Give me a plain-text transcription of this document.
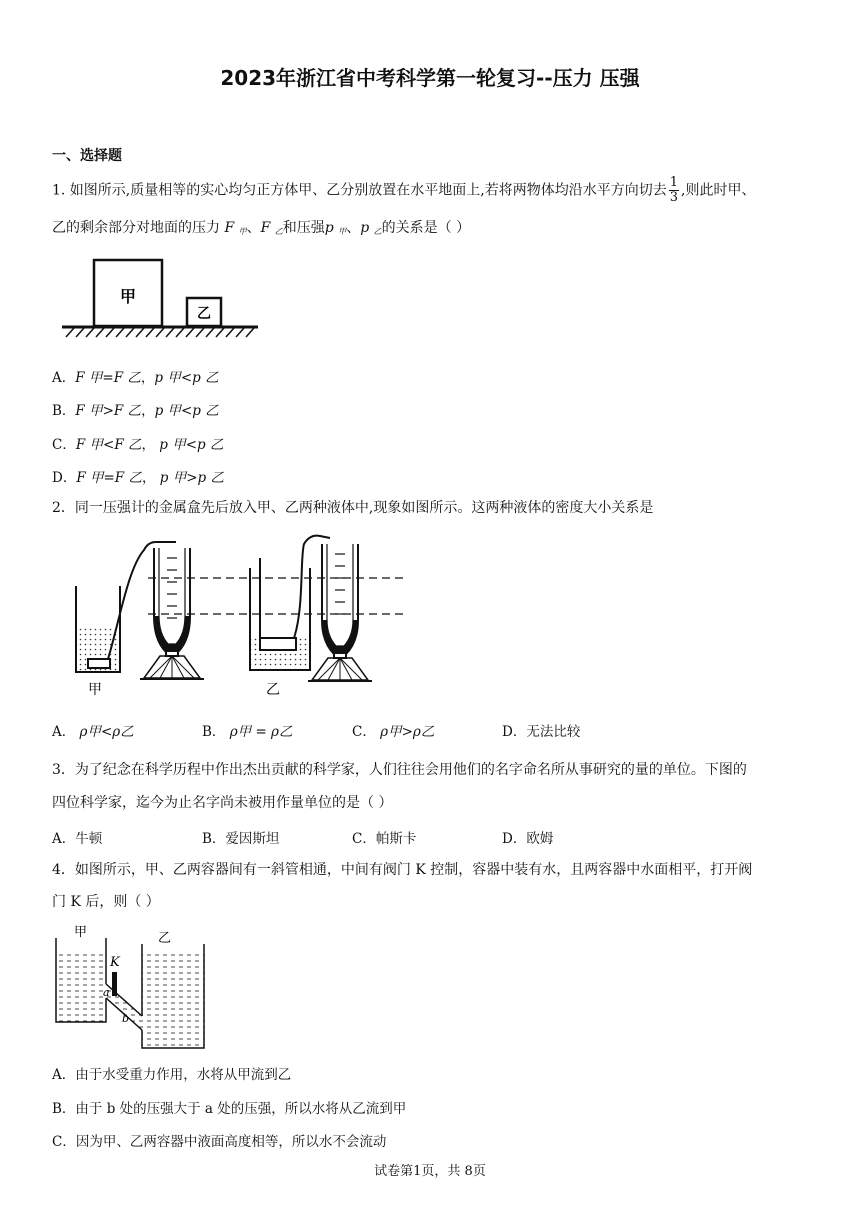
2023年浙江省中考科学第一轮复习--压力 压强
一、选择题
1. 如图所示,质量相等的实心均匀正方体甲、乙分别放置在水平地面上,若将两物体均沿水平方向切去 $\frac{1}{3}$ ,则此时甲、
乙的剩余部分对地面的压力 F $_甲$、F $_乙$和压强p $_甲$、p $_乙$的关系是（ ）
甲
乙
A．F 甲=F 乙，p 甲<p 乙
B．F 甲>F 乙，p 甲<p 乙
C．F 甲<F 乙， p 甲<p 乙
D．F 甲=F 乙， p 甲>p 乙
2．同一压强计的金属盒先后放入甲、乙两种液体中,现象如图所示。这两种液体的密度大小关系是
甲	乙
A． ρ甲<ρ乙	B． ρ甲 = ρ乙	C． ρ甲>ρ乙	D．无法比较
3．为了纪念在科学历程中作出杰出贡献的科学家，人们往往会用他们的名字命名所从事研究的量的单位。下图的
四位科学家，迄今为止名字尚未被用作量单位的是（ ）
A．牛顿	B．爱因斯坦	C．帕斯卡	D．欧姆
4．如图所示，甲、乙两容器间有一斜管相通，中间有阀门 K 控制，容器中装有水，且两容器中水面相平，打开阀
门 K 后，则（ ）
甲	乙
K
a
b
A．由于水受重力作用，水将从甲流到乙
B．由于 b 处的压强大于 a 处的压强，所以水将从乙流到甲
C．因为甲、乙两容器中液面高度相等，所以水不会流动
试卷第1页，共 8页
